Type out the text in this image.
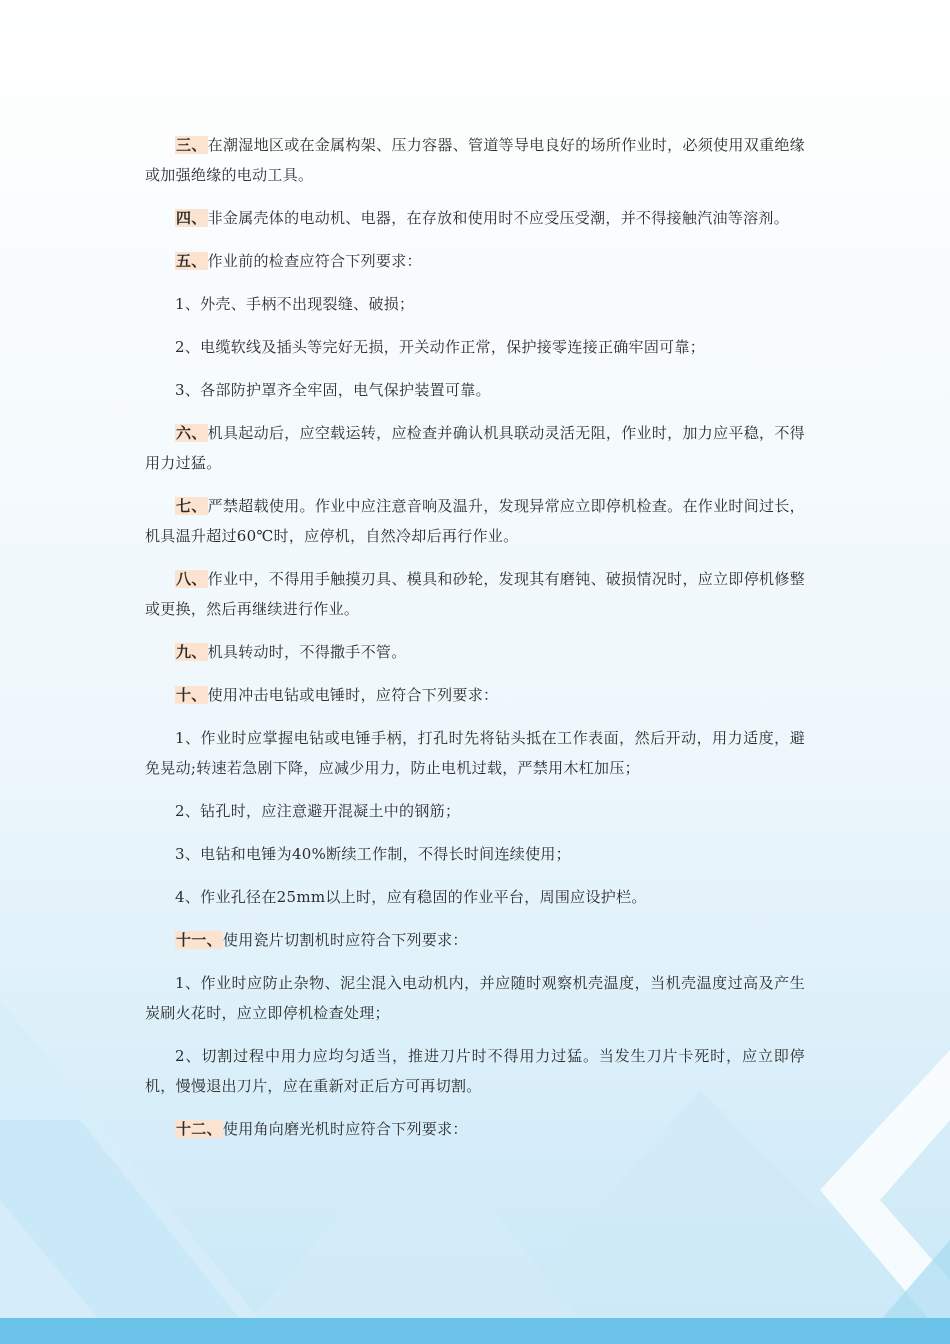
三、在潮湿地区或在金属构架、压力容器、管道等导电良好的场所作业时，必须使用双重绝缘或加强绝缘的电动工具。

四、非金属壳体的电动机、电器，在存放和使用时不应受压受潮，并不得接触汽油等溶剂。

五、作业前的检查应符合下列要求：

1、外壳、手柄不出现裂缝、破损；

2、电缆软线及插头等完好无损，开关动作正常，保护接零连接正确牢固可靠；

3、各部防护罩齐全牢固，电气保护装置可靠。

六、机具起动后，应空载运转，应检查并确认机具联动灵活无阻，作业时，加力应平稳，不得用力过猛。

七、严禁超载使用。作业中应注意音响及温升，发现异常应立即停机检查。在作业时间过长，机具温升超过60℃时，应停机，自然冷却后再行作业。

八、作业中，不得用手触摸刃具、模具和砂轮，发现其有磨钝、破损情况时，应立即停机修整或更换，然后再继续进行作业。

九、机具转动时，不得撒手不管。

十、使用冲击电钻或电锤时，应符合下列要求：

1、作业时应掌握电钻或电锤手柄，打孔时先将钻头抵在工作表面，然后开动，用力适度，避免晃动;转速若急剧下降，应减少用力，防止电机过载，严禁用木杠加压；

2、钻孔时，应注意避开混凝土中的钢筋；

3、电钻和电锤为40%断续工作制，不得长时间连续使用；

4、作业孔径在25mm以上时，应有稳固的作业平台，周围应设护栏。

十一、使用瓷片切割机时应符合下列要求：

1、作业时应防止杂物、泥尘混入电动机内，并应随时观察机壳温度，当机壳温度过高及产生炭刷火花时，应立即停机检查处理；

2、切割过程中用力应均匀适当，推进刀片时不得用力过猛。当发生刀片卡死时，应立即停机，慢慢退出刀片，应在重新对正后方可再切割。

十二、使用角向磨光机时应符合下列要求：
